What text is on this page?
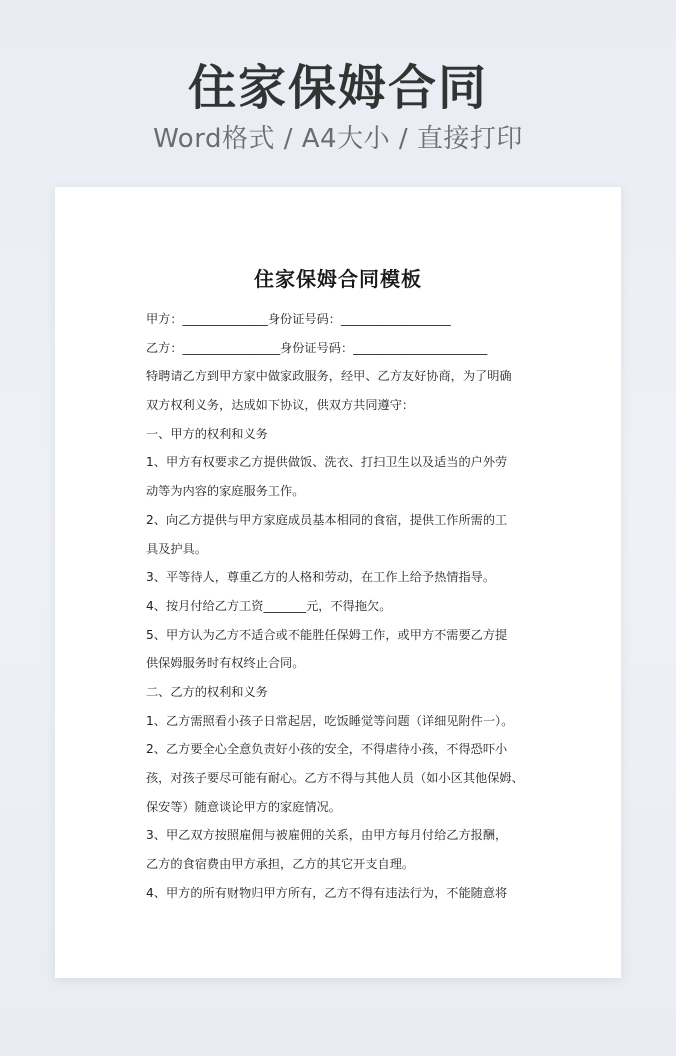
住家保姆合同
Word格式 / A4大小 / 直接打印
住家保姆合同模板
甲方：______________身份证号码：__________________
乙方：________________身份证号码：______________________
特聘请乙方到甲方家中做家政服务，经甲、乙方友好协商，为了明确
双方权利义务，达成如下协议，供双方共同遵守：
一、甲方的权利和义务
1、甲方有权要求乙方提供做饭、洗衣、打扫卫生以及适当的户外劳
动等为内容的家庭服务工作。
2、向乙方提供与甲方家庭成员基本相同的食宿，提供工作所需的工
具及护具。
3、平等待人，尊重乙方的人格和劳动，在工作上给予热情指导。
4、按月付给乙方工资_______元，不得拖欠。
5、甲方认为乙方不适合或不能胜任保姆工作，或甲方不需要乙方提
供保姆服务时有权终止合同。
二、乙方的权利和义务
1、乙方需照看小孩子日常起居，吃饭睡觉等问题（详细见附件一）。
2、乙方要全心全意负责好小孩的安全，不得虐待小孩，不得恐吓小
孩，对孩子要尽可能有耐心。乙方不得与其他人员（如小区其他保姆、
保安等）随意谈论甲方的家庭情况。
3、甲乙双方按照雇佣与被雇佣的关系，由甲方每月付给乙方报酬，
乙方的食宿费由甲方承担，乙方的其它开支自理。
4、甲方的所有财物归甲方所有，乙方不得有违法行为，不能随意将
